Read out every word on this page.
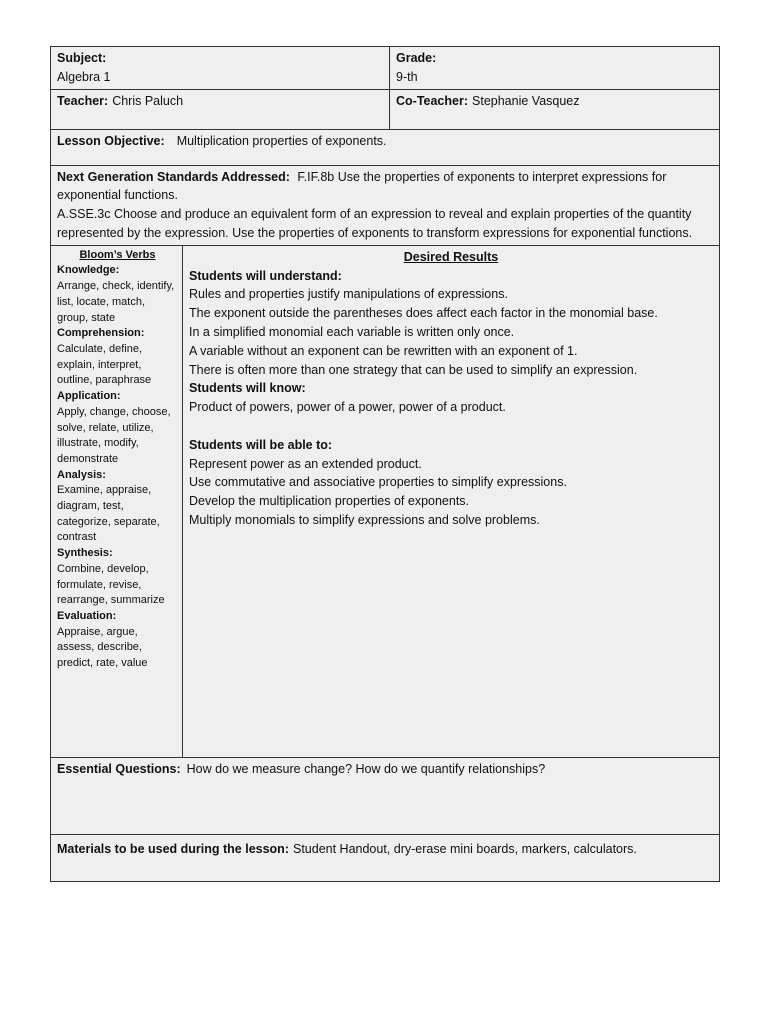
Subject:
Algebra 1
Grade:
9-th
Teacher: Chris Paluch	Co-Teacher: Stephanie Vasquez
Lesson Objective: Multiplication properties of exponents.
Next Generation Standards Addressed: F.IF.8b Use the properties of exponents to interpret expressions for exponential functions.
A.SSE.3c Choose and produce an equivalent form of an expression to reveal and explain properties of the quantity represented by the expression. Use the properties of exponents to transform expressions for exponential functions.
Bloom’s Verbs
Knowledge:
Arrange, check, identify, list, locate, match, group, state
Comprehension:
Calculate, define, explain, interpret, outline, paraphrase
Application:
Apply, change, choose, solve, relate, utilize, illustrate, modify, demonstrate
Analysis:
Examine, appraise, diagram, test, categorize, separate, contrast
Synthesis:
Combine, develop, formulate, revise, rearrange, summarize
Evaluation:
Appraise, argue, assess, describe, predict, rate, value
Desired Results
Students will understand:
Rules and properties justify manipulations of expressions.
The exponent outside the parentheses does affect each factor in the monomial base.
In a simplified monomial each variable is written only once.
A variable without an exponent can be rewritten with an exponent of 1.
There is often more than one strategy that can be used to simplify an expression.
Students will know:
Product of powers, power of a power, power of a product.
Students will be able to:
Represent power as an extended product.
Use commutative and associative properties to simplify expressions.
Develop the multiplication properties of exponents.
Multiply monomials to simplify expressions and solve problems.
Essential Questions: How do we measure change? How do we quantify relationships?
Materials to be used during the lesson: Student Handout, dry-erase mini boards, markers, calculators.
